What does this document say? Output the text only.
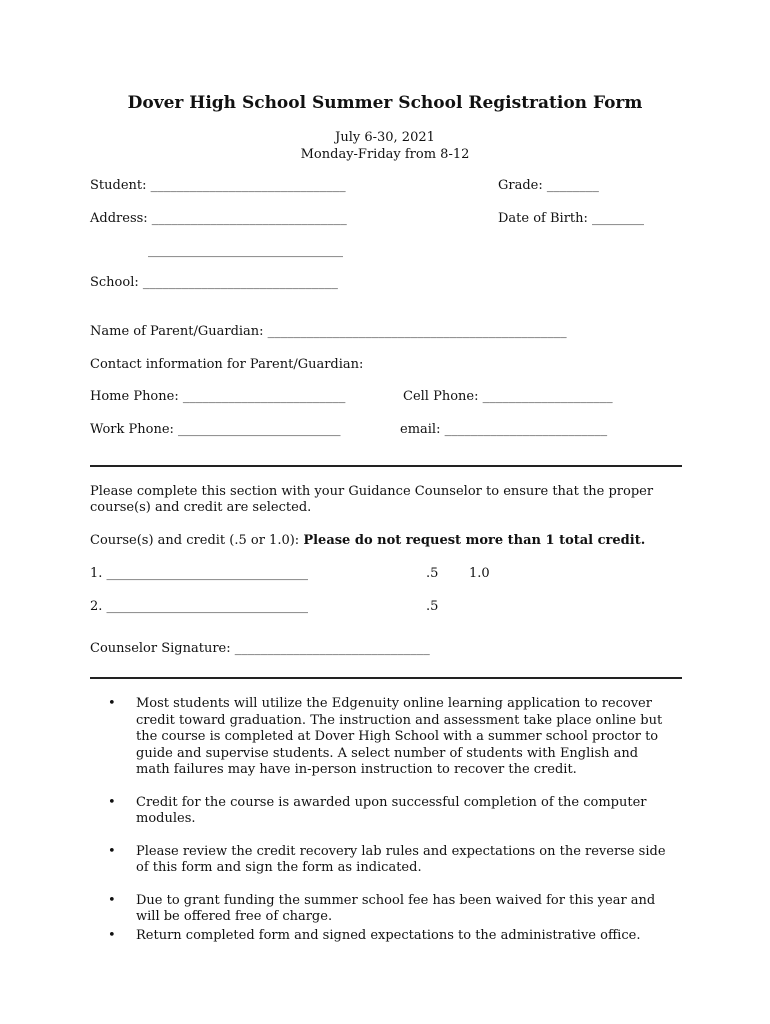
Dover High School Summer School Registration Form
July 6-30, 2021
Monday-Friday from 8-12
Student: ______________________________	Grade: ________
Address: ______________________________	Date of Birth: ________
______________________________
School: ______________________________
Name of Parent/Guardian: ______________________________________________
Contact information for Parent/Guardian:
Home Phone: _________________________	Cell Phone: ____________________
Work Phone: _________________________	email: _________________________
Please complete this section with your Guidance Counselor to ensure that the proper course(s) and credit are selected.
Course(s) and credit (.5 or 1.0): Please do not request more than 1 total credit.
1. _______________________________	.5 1.0
2. _______________________________	.5
Counselor Signature: ______________________________
• Most students will utilize the Edgenuity online learning application to recover credit toward graduation. The instruction and assessment take place online but the course is completed at Dover High School with a summer school proctor to guide and supervise students. A select number of students with English and math failures may have in-person instruction to recover the credit.
• Credit for the course is awarded upon successful completion of the computer modules.
• Please review the credit recovery lab rules and expectations on the reverse side of this form and sign the form as indicated.
• Due to grant funding the summer school fee has been waived for this year and will be offered free of charge.
• Return completed form and signed expectations to the administrative office.
